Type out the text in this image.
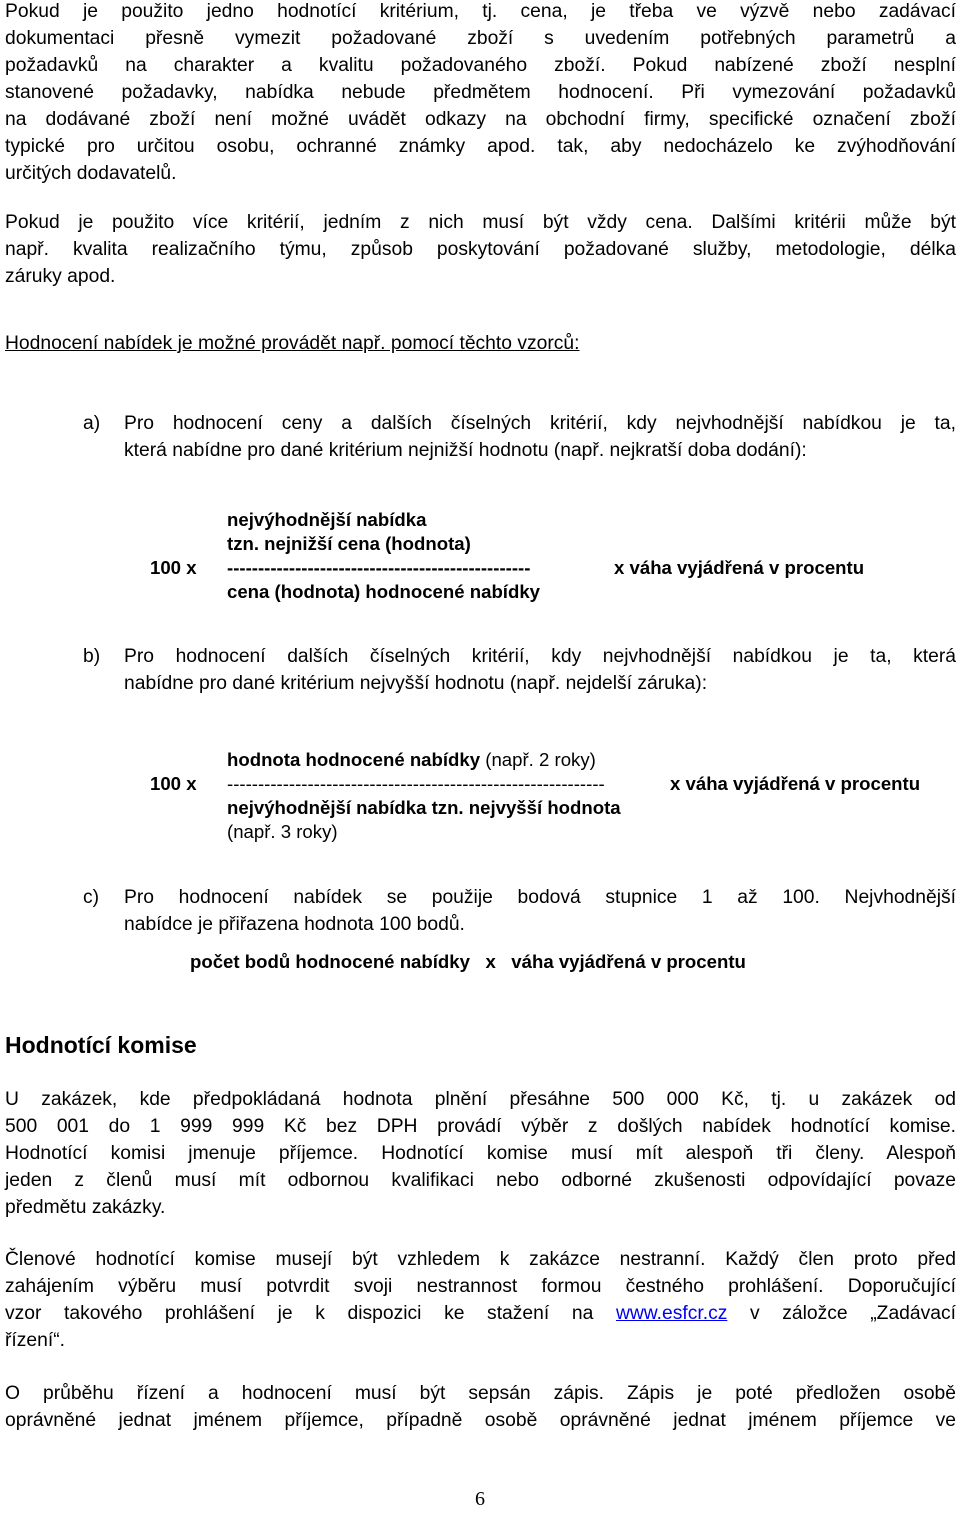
Pokud je použito jedno hodnotící kritérium, tj. cena, je třeba ve výzvě nebo zadávací
dokumentaci přesně vymezit požadované zboží s uvedením potřebných parametrů a
požadavků na charakter a kvalitu požadovaného zboží. Pokud nabízené zboží nesplní
stanovené požadavky, nabídka nebude předmětem hodnocení. Při vymezování požadavků
na dodávané zboží není možné uvádět odkazy na obchodní firmy, specifické označení zboží
typické pro určitou osobu, ochranné známky apod. tak, aby nedocházelo ke zvýhodňování
určitých dodavatelů.
Pokud je použito více kritérií, jedním z nich musí být vždy cena. Dalšími kritérii může být
např. kvalita realizačního týmu, způsob poskytování požadované služby, metodologie, délka
záruky apod.
Hodnocení nabídek je možné provádět např. pomocí těchto vzorců:
a)	Pro hodnocení ceny a dalších číselných kritérií, kdy nejvhodnější nabídkou je ta,
která nabídne pro dané kritérium nejnižší hodnotu (např. nejkratší doba dodání):
nejvýhodnější nabídka
tzn. nejnižší cena (hodnota)
100 x -------------------------------------------------	x váha vyjádřená v procentu
cena (hodnota) hodnocené nabídky
b)	Pro hodnocení dalších číselných kritérií, kdy nejvhodnější nabídkou je ta, která
nabídne pro dané kritérium nejvyšší hodnotu (např. nejdelší záruka):
hodnota hodnocené nabídky (např. 2 roky)
100 x -------------------------------------------------------------	x váha vyjádřená v procentu
nejvýhodnější nabídka tzn. nejvyšší hodnota
(např. 3 roky)
c)	Pro hodnocení nabídek se použije bodová stupnice 1 až 100. Nejvhodnější
nabídce je přiřazena hodnota 100 bodů.
počet bodů hodnocené nabídky   x   váha vyjádřená v procentu
Hodnotící komise
U zakázek, kde předpokládaná hodnota plnění přesáhne 500 000 Kč, tj. u zakázek od
500 001 do 1 999 999 Kč bez DPH provádí výběr z došlých nabídek hodnotící komise.
Hodnotící komisi jmenuje příjemce. Hodnotící komise musí mít alespoň tři členy. Alespoň
jeden z členů musí mít odbornou kvalifikaci nebo odborné zkušenosti odpovídající povaze
předmětu zakázky.
Členové hodnotící komise musejí být vzhledem k zakázce nestranní. Každý člen proto před
zahájením výběru musí potvrdit svoji nestrannost formou čestného prohlášení. Doporučující
vzor takového prohlášení je k dispozici ke stažení na www.esfcr.cz v záložce „Zadávací
řízení“.
O průběhu řízení a hodnocení musí být sepsán zápis. Zápis je poté předložen osobě
oprávněné jednat jménem příjemce, případně osobě oprávněné jednat jménem příjemce ve
6
